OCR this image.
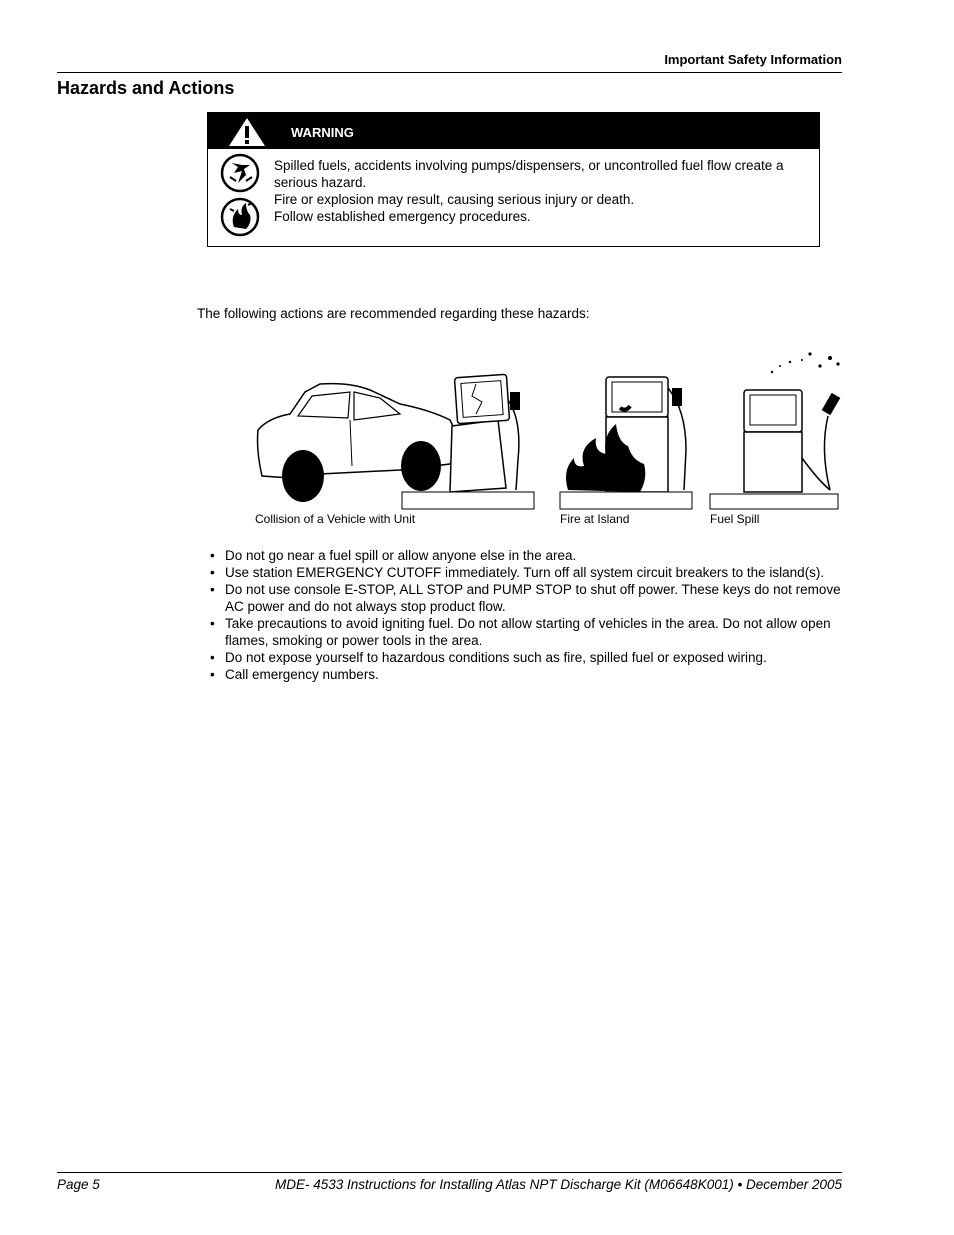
Important Safety Information
Hazards and Actions
WARNING
Spilled fuels, accidents involving pumps/dispensers, or uncontrolled fuel flow create a serious hazard.
Fire or explosion may result, causing serious injury or death.
Follow established emergency procedures.
The following actions are recommended regarding these hazards:
Collision of a Vehicle with Unit	Fire at Island	Fuel Spill
• Do not go near a fuel spill or allow anyone else in the area.
• Use station EMERGENCY CUTOFF immediately. Turn off all system circuit breakers to the island(s).
• Do not use console E-STOP, ALL STOP and PUMP STOP to shut off power. These keys do not remove AC power and do not always stop product flow.
• Take precautions to avoid igniting fuel. Do not allow starting of vehicles in the area. Do not allow open flames, smoking or power tools in the area.
• Do not expose yourself to hazardous conditions such as fire, spilled fuel or exposed wiring.
• Call emergency numbers.
Page 5	MDE- 4533 Instructions for Installing Atlas NPT Discharge Kit (M06648K001) • December 2005
